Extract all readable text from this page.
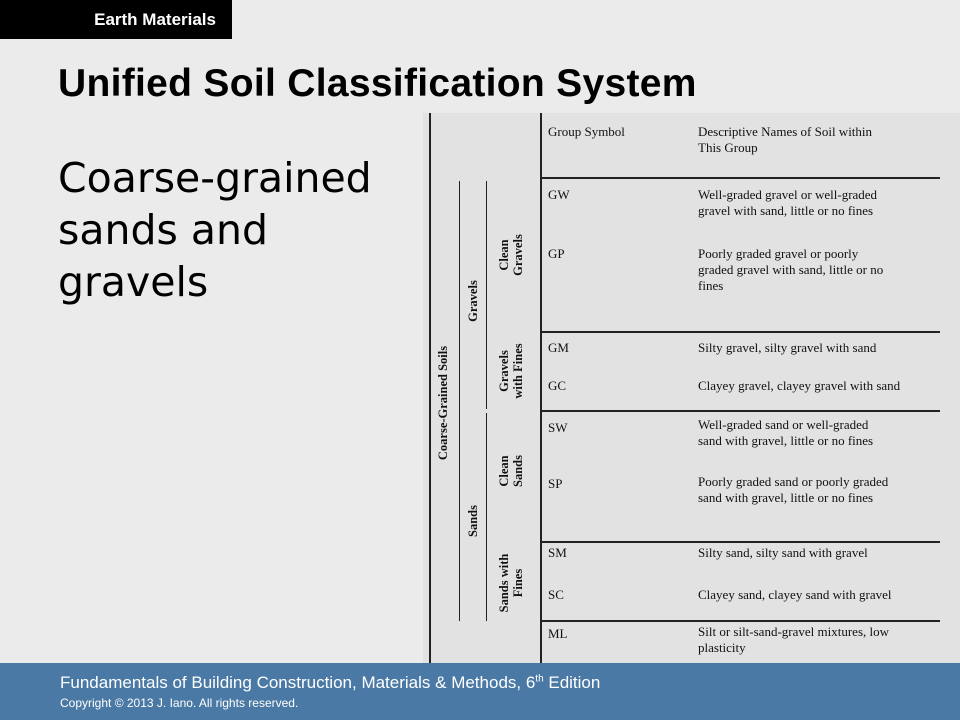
Earth Materials
Unified Soil Classification System
Coarse-grained
sands and
gravels
Coarse-Grained Soils
Gravels
Sands
Clean Gravels
Gravels with Fines
Clean Sands
Sands with Fines
Group Symbol	Descriptive Names of Soil within
This Group
GW	Well-graded gravel or well-graded
gravel with sand, little or no fines
GP	Poorly graded gravel or poorly
graded gravel with sand, little or no
fines
GM	Silty gravel, silty gravel with sand
GC	Clayey gravel, clayey gravel with sand
SW	Well-graded sand or well-graded
sand with gravel, little or no fines
SP	Poorly graded sand or poorly graded
sand with gravel, little or no fines
SM	Silty sand, silty sand with gravel
SC	Clayey sand, clayey sand with gravel
ML	Silt or silt-sand-gravel mixtures, low
plasticity
Fundamentals of Building Construction, Materials & Methods, 6th Edition
Copyright © 2013 J. Iano. All rights reserved.
